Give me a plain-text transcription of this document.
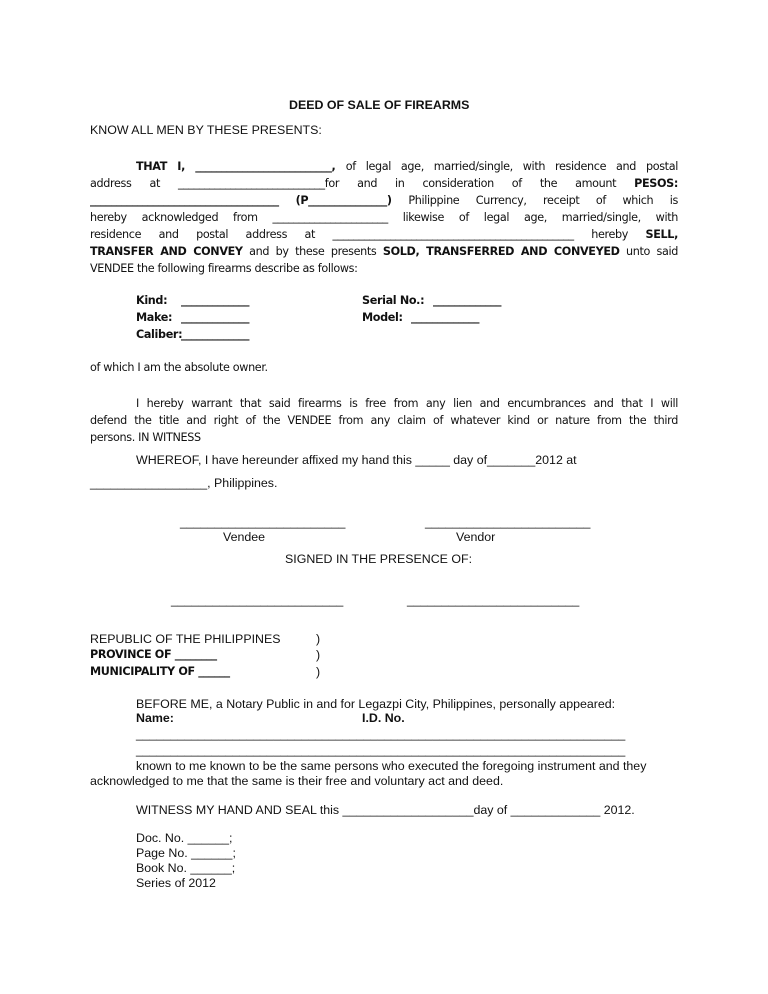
DEED OF SALE OF FIREARMS
KNOW ALL MEN BY THESE PRESENTS:
THAT I, __________________________, of legal age, married/single, with residence and postal
address at ____________________________for and in consideration of the amount PESOS:
____________________________________ (P_______________) Philippine Currency, receipt of which is
hereby acknowledged from ______________________ likewise of legal age, married/single, with
residence and postal address at ______________________________________________ hereby SELL,
TRANSFER AND CONVEY and by these presents SOLD, TRANSFERRED AND CONVEYED unto said
VENDEE the following firearms describe as follows:
Kind: _____________
Make: _____________
Caliber:
_____________
Serial No.: _____________
Model: _____________
of which I am the absolute owner.
I hereby warrant that said firearms is free from any lien and encumbrances and that I will
defend the title and right of the VENDEE from any claim of whatever kind or nature from the third
persons. IN WITNESS
WHEREOF, I have hereunder affixed my hand this _____ day of_______2012 at
_________________, Philippines.
________________________
Vendee
________________________
Vendor
SIGNED IN THE PRESENCE OF:
_________________________	_________________________
REPUBLIC OF THE PHILIPPINES
PROVINCE OF ________
MUNICIPALITY OF ______
)
)
)
BEFORE ME, a Notary Public in and for Legazpi City, Philippines, personally appeared:
Name:	I.D. No.
_______________________________________________________________________
_______________________________________________________________________
known to me known to be the same persons who executed the foregoing instrument and they
acknowledged to me that the same is their free and voluntary act and deed.
WITNESS MY HAND AND SEAL this ___________________day of _____________ 2012.
Doc. No. ______;
Page No. ______;
Book No. ______;
Series of 2012
